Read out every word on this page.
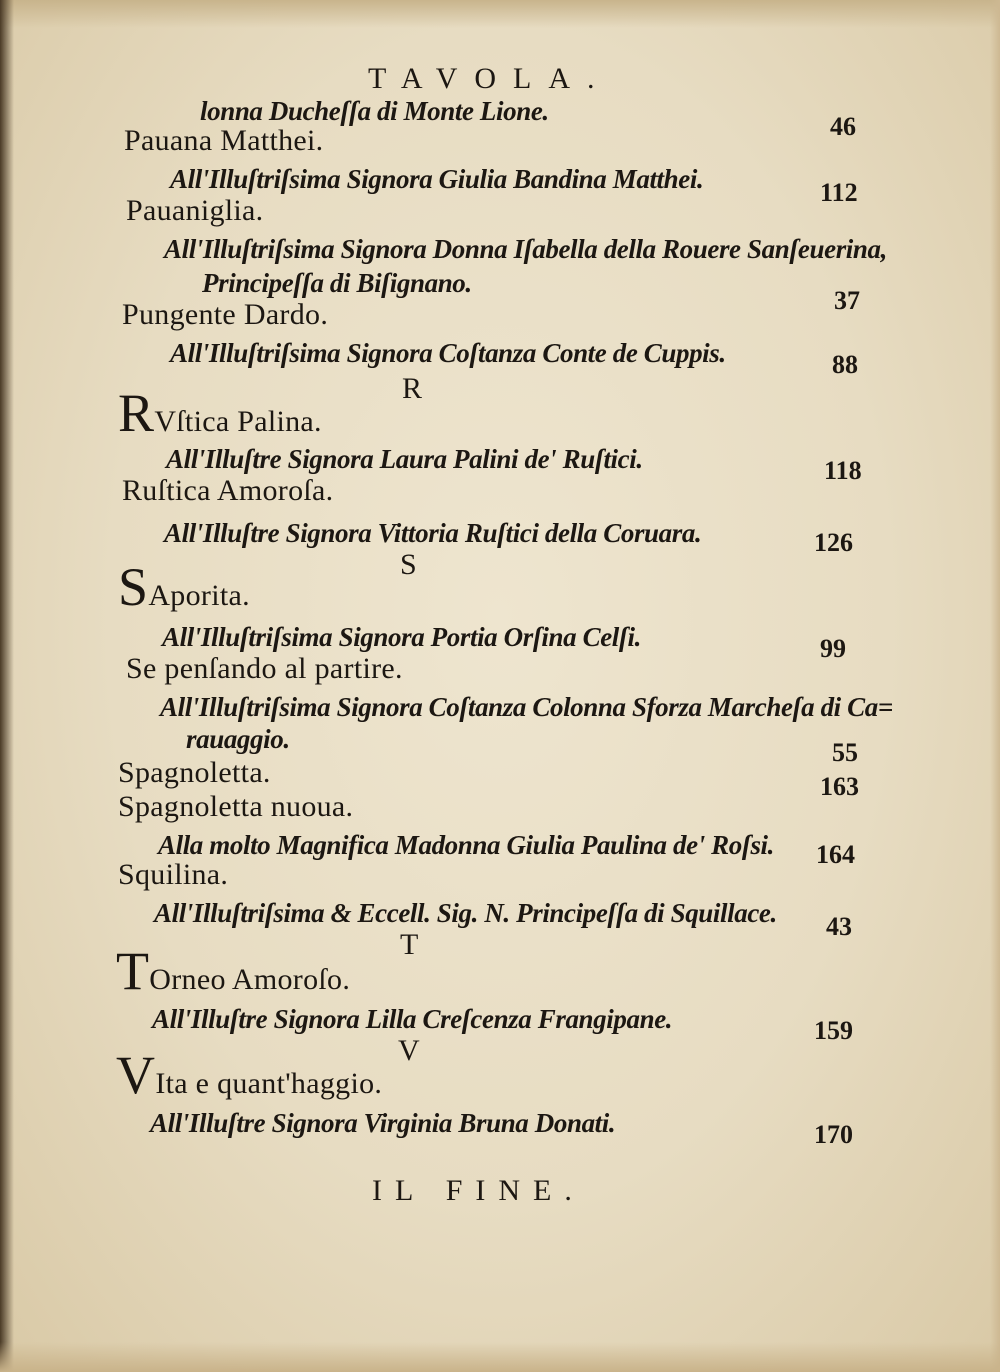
TAVOLA.
lonna Ducheſſa di Monte Lione.
Pauana Matthei.
All'Illuſtriſsima Signora Giulia Bandina Matthei.
Pauaniglia.
All'Illuſtriſsima Signora Donna Iſabella della Rouere Sanſeuerina,
Principeſſa di Biſignano.
Pungente Dardo.
All'Illuſtriſsima Signora Coſtanza Conte de Cuppis.
R
RVſtica Palina.
All'Illuſtre Signora Laura Palini de' Ruſtici.
Ruſtica Amoroſa.
All'Illuſtre Signora Vittoria Ruſtici della Coruara.
S
SAporita.
All'Illuſtriſsima Signora Portia Orſina Celſi.
Se penſando al partire.
All'Illuſtriſsima Signora Coſtanza Colonna Sforza Marcheſa di Ca=
rauaggio.
Spagnoletta.
Spagnoletta nuoua.
Alla molto Magnifica Madonna Giulia Paulina de' Roſsi.
Squilina.
All'Illuſtriſsima & Eccell. Sig. N. Principeſſa di Squillace.
T
TOrneo Amoroſo.
All'Illuſtre Signora Lilla Creſcenza Frangipane.
V
VIta e quant'haggio.
All'Illuſtre Signora Virginia Bruna Donati.
46
112
37
88
118
126
99
55
163
164
43
159
170
IL FINE.
